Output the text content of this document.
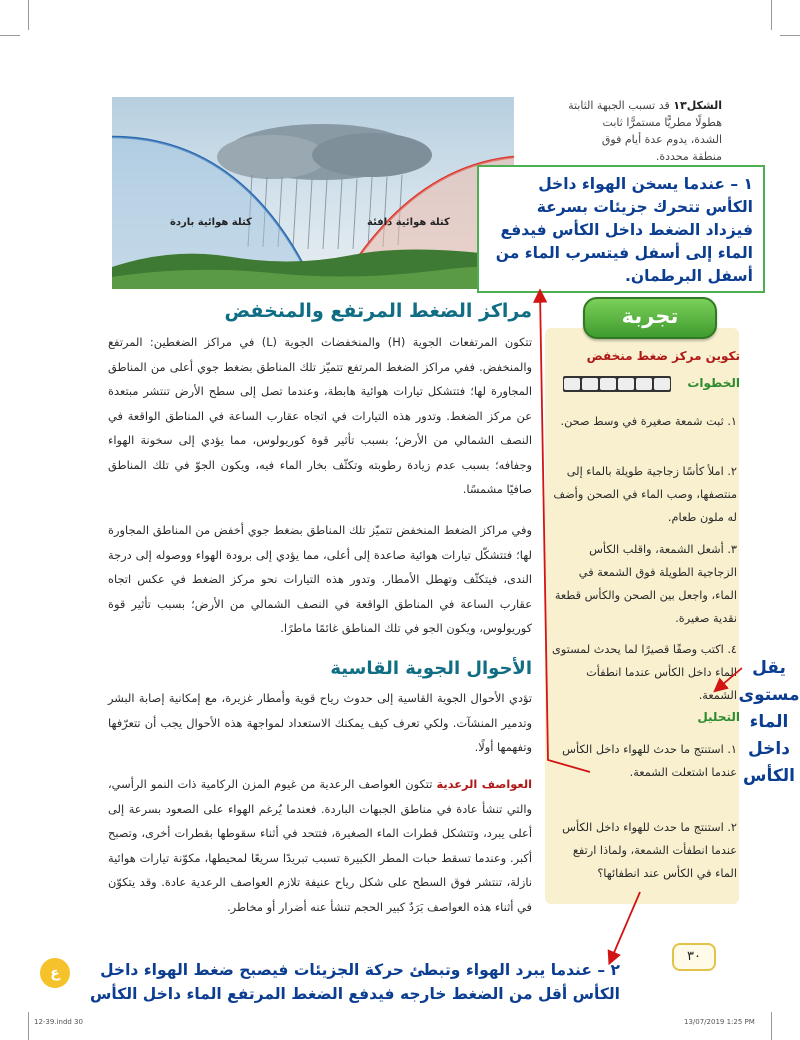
كتلة هوائية باردة	كتلة هوائية دافئة
الشكل١٣ قد تسبب الجبهة الثابتة
هطولًا مطريًّا مستمرًّا ثابت
الشدة، يدوم عدة أيام فوق
منطقة محددة.
١ – عندما يسخن الهواء داخل الكأس تتحرك جزيئات بسرعة فيزداد الضغط داخل الكأس فيدفع الماء إلى أسفل فيتسرب الماء من أسفل البرطمان.
مراكز الضغط المرتفع والمنخفض
تتكون المرتفعات الجوية (H) والمنخفضات الجوية (L) في مراكز الضغطين: المرتفع والمنخفض. ففي مراكز الضغط المرتفع تتميّز تلك المناطق بضغط جوي أعلى من المناطق المجاورة لها؛ فتتشكل تيارات هوائية هابطة، وعندما تصل إلى سطح الأرض تنتشر مبتعدة عن مركز الضغط. وتدور هذه التيارات في اتجاه عقارب الساعة في المناطق الواقعة في النصف الشمالي من الأرض؛ بسبب تأثير قوة كوريولوس، مما يؤدي إلى سخونة الهواء وجفافه؛ بسبب عدم زيادة رطوبته وتكثّف بخار الماء فيه، ويكون الجوّ في تلك المناطق صافيًا مشمسًا.
وفي مراكز الضغط المنخفض تتميّز تلك المناطق بضغط جوي أخفض من المناطق المجاورة لها؛ فتتشكّل تيارات هوائية صاعدة إلى أعلى، مما يؤدي إلى برودة الهواء ووصوله إلى درجة الندى، فيتكثّف وتهطل الأمطار. وتدور هذه التيارات نحو مركز الضغط في عكس اتجاه عقارب الساعة في المناطق الواقعة في النصف الشمالي من الأرض؛ بسبب تأثير قوة كوريولوس، ويكون الجو في تلك المناطق غائمًا ماطرًا.
الأحوال الجوية القاسية
تؤدي الأحوال الجوية القاسية إلى حدوث رياح قوية وأمطار غزيرة، مع إمكانية إصابة البشر وتدمير المنشآت. ولكي تعرف كيف يمكنك الاستعداد لمواجهة هذه الأحوال يجب أن تتعرّفها وتفهمها أولًا.
العواصف الرعدية تتكون العواصف الرعدية من غيوم المزن الركامية ذات النمو الرأسي، والتي تنشأ عادة في مناطق الجبهات الباردة. فعندما يُرغم الهواء على الصعود بسرعة إلى أعلى يبرد، وتتشكل قطرات الماء الصغيرة، فتتحد في أثناء سقوطها بقطرات أخرى، وتصبح أكبر. وعندما تسقط حبات المطر الكبيرة تسبب تبريدًا سريعًا لمحيطها، مكوّنة تيارات هوائية نازلة، تنتشر فوق السطح على شكل رياح عنيفة تلازم العواصف الرعدية عادة. وقد يتكوّن في أثناء هذه العواصف بَرَدٌ كبير الحجم تنشأ عنه أضرار أو مخاطر.
تجربة
تكوين مركز ضغط منخفض
الخطوات
١. ثبت شمعة صغيرة في وسط صحن.
٢. املأ كأسًا زجاجية طويلة بالماء إلى منتصفها، وصب الماء في الصحن وأضف له ملون طعام.
٣. أشعل الشمعة، واقلب الكأس الزجاجية الطويلة فوق الشمعة في الماء، واجعل بين الصحن والكأس قطعة نقدية صغيرة.
٤. اكتب وصفًا قصيرًا لما يحدث لمستوى الماء داخل الكأس عندما انطفأت الشمعة.
التحليل
١. استنتج ما حدث للهواء داخل الكأس عندما اشتعلت الشمعة.
٢. استنتج ما حدث للهواء داخل الكأس عندما انطفأت الشمعة، ولماذا ارتفع الماء في الكأس عند انطفائها؟
يقل
مستوى
الماء
داخل
الكأس
٢ – عندما يبرد الهواء وتبطئ حركة الجزيئات فيصبح ضغط الهواء داخل الكأس أقل من الضغط خارجه فيدفع الضغط المرتفع الماء داخل الكأس
٣٠
ع
12-39.indd 30	13/07/2019 1:25 PM
